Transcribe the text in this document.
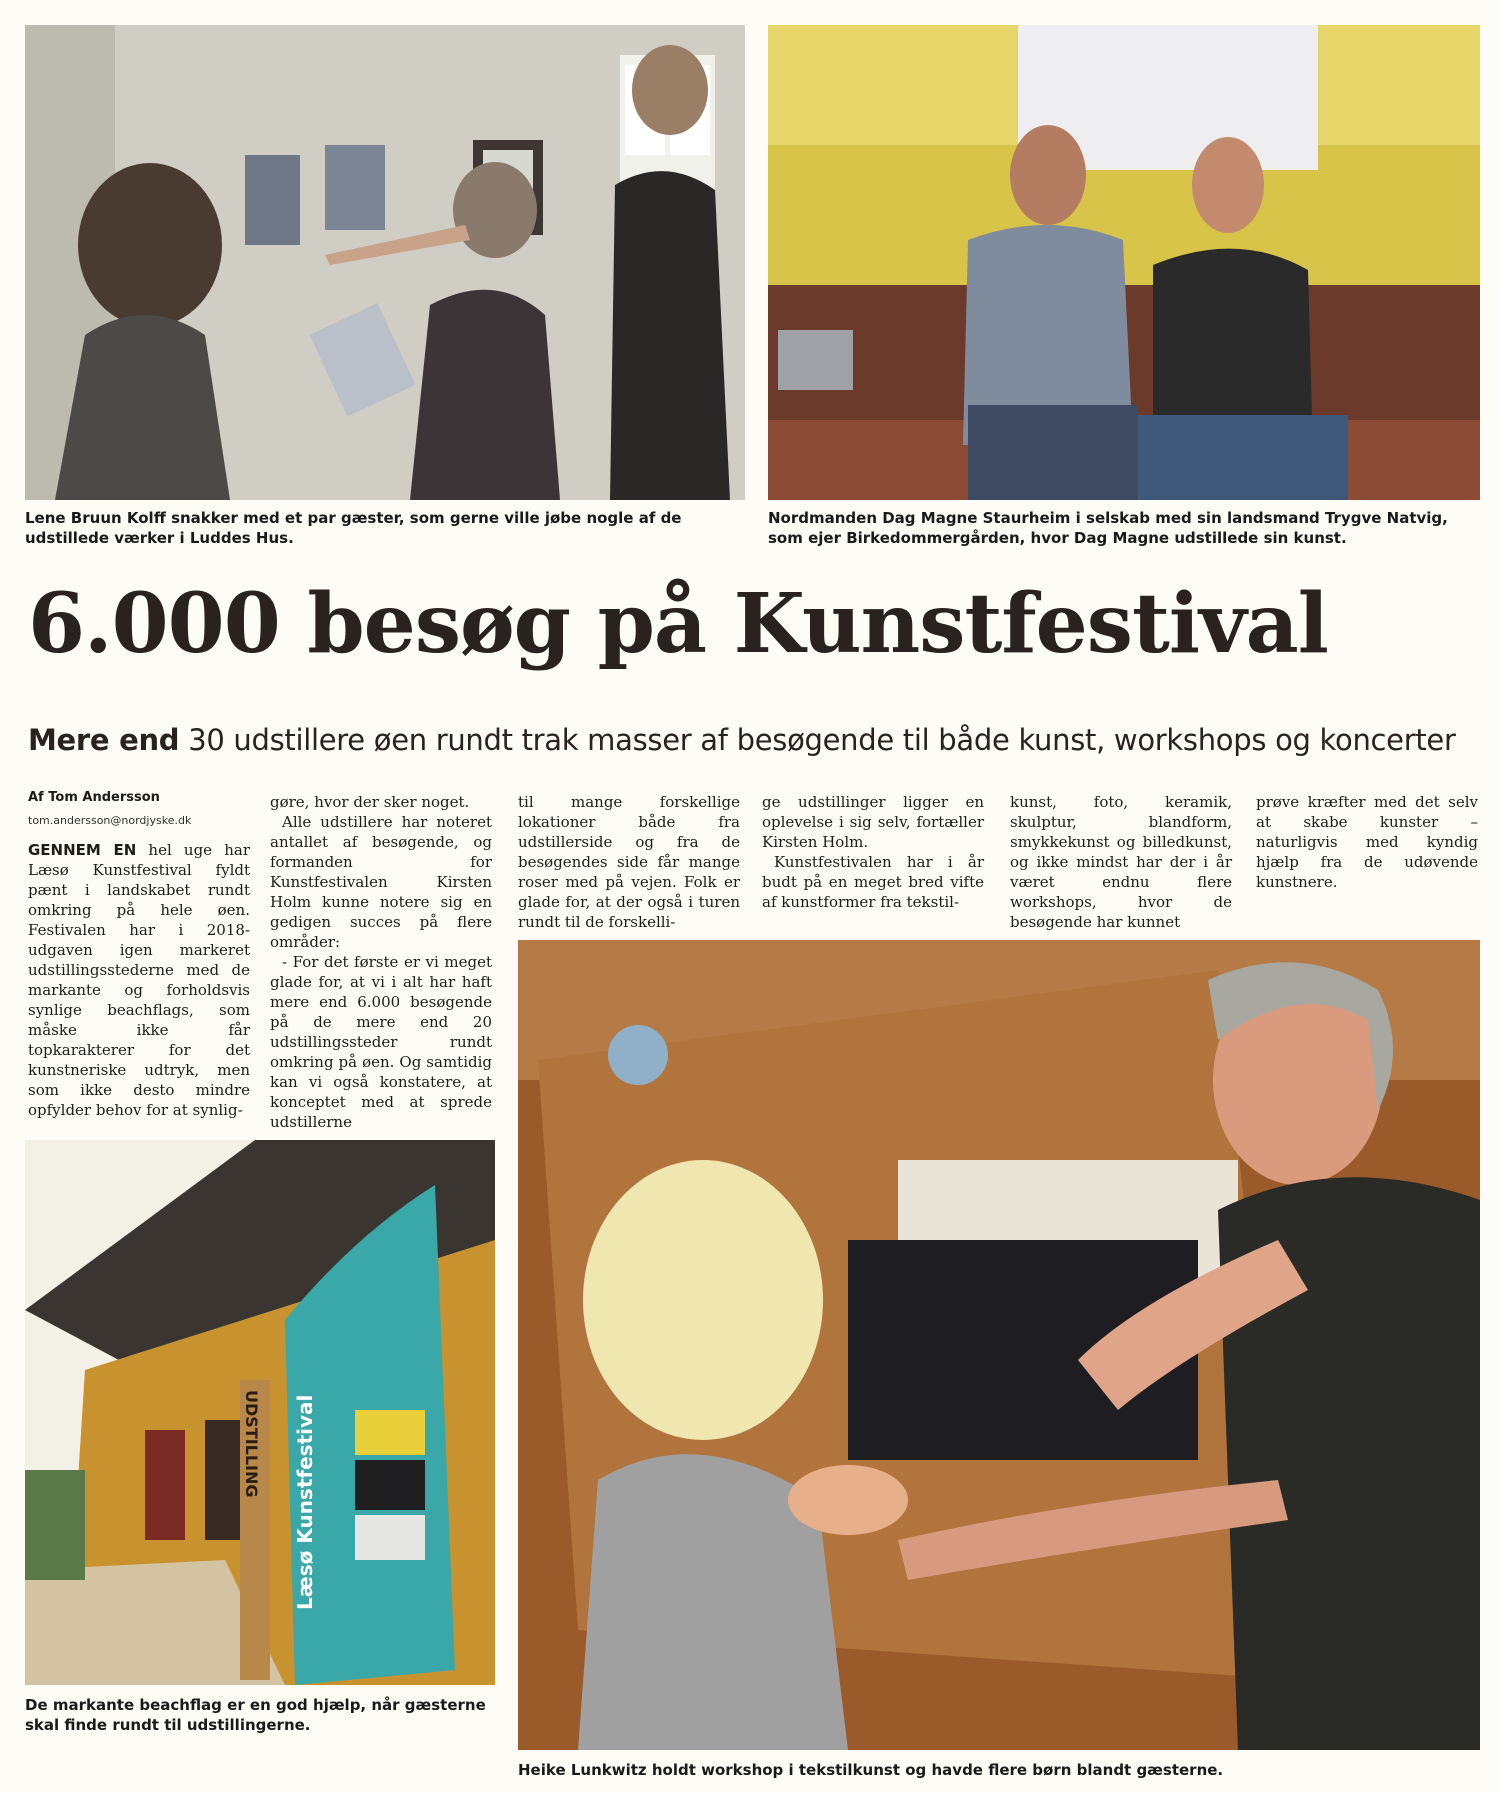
Lene Bruun Kolff snakker med et par gæster, som gerne ville jøbe nogle af de udstillede værker i Luddes Hus.

Nordmanden Dag Magne Staurheim i selskab med sin landsmand Trygve Natvig, som ejer Birkedommergården, hvor Dag Magne udstillede sin kunst.

6.000 besøg på Kunstfestival

Mere end 30 udstillere øen rundt trak masser af besøgende til både kunst, workshops og koncerter

Af Tom Andersson

tom.andersson@nordjyske.dk

GENNEM EN hel uge har Læsø Kunstfestival fyldt pænt i landskabet rundt omkring på hele øen. Festivalen har i 2018-udgaven igen markeret udstillingsstederne med de markante og forholdsvis synlige beachflags, som måske ikke får topkarakterer for det kunstneriske udtryk, men som ikke desto mindre opfylder behov for at synlig-

gøre, hvor der sker noget.

Alle udstillere har noteret antallet af besøgende, og formanden for Kunstfestivalen Kirsten Holm kunne notere sig en gedigen succes på flere områder:

- For det første er vi meget glade for, at vi i alt har haft mere end 6.000 besøgende på de mere end 20 udstillingssteder rundt omkring på øen. Og samtidig kan vi også konstatere, at konceptet med at sprede udstillerne

til mange forskellige lokationer både fra udstillerside og fra de besøgendes side får mange roser med på vejen. Folk er glade for, at der også i turen rundt til de forskelli-

ge udstillinger ligger en oplevelse i sig selv, fortæller Kirsten Holm.

Kunstfestivalen har i år budt på en meget bred vifte af kunstformer fra tekstil-

kunst, foto, keramik, skulptur, blandform, smykkekunst og billedkunst, og ikke mindst har der i år været endnu flere workshops, hvor de besøgende har kunnet

prøve kræfter med det selv at skabe kunster – naturligvis med kyndig hjælp fra de udøvende kunstnere.

Læsø Kunstfestival
UDSTILLING

De markante beachflag er en god hjælp, når gæsterne skal finde rundt til udstillingerne.

Heike Lunkwitz holdt workshop i tekstilkunst og havde flere børn blandt gæsterne.
